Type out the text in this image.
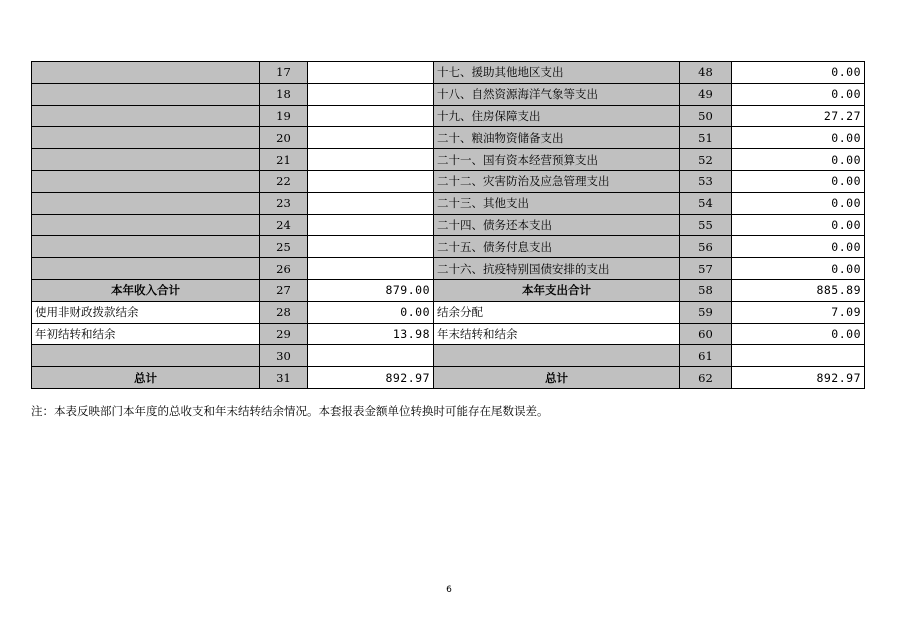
	17		十七、援助其他地区支出	48	0.00
	18		十八、自然资源海洋气象等支出	49	0.00
	19		十九、住房保障支出	50	27.27
	20		二十、粮油物资储备支出	51	0.00
	21		二十一、国有资本经营预算支出	52	0.00
	22		二十二、灾害防治及应急管理支出	53	0.00
	23		二十三、其他支出	54	0.00
	24		二十四、债务还本支出	55	0.00
	25		二十五、债务付息支出	56	0.00
	26		二十六、抗疫特别国债安排的支出	57	0.00
本年收入合计	27	879.00	本年支出合计	58	885.89
使用非财政拨款结余	28	0.00	结余分配	59	7.09
年初结转和结余	29	13.98	年末结转和结余	60	0.00
	30			61	
总计	31	892.97	总计	62	892.97
注：本表反映部门本年度的总收支和年末结转结余情况。本套报表金额单位转换时可能存在尾数误差。
6
